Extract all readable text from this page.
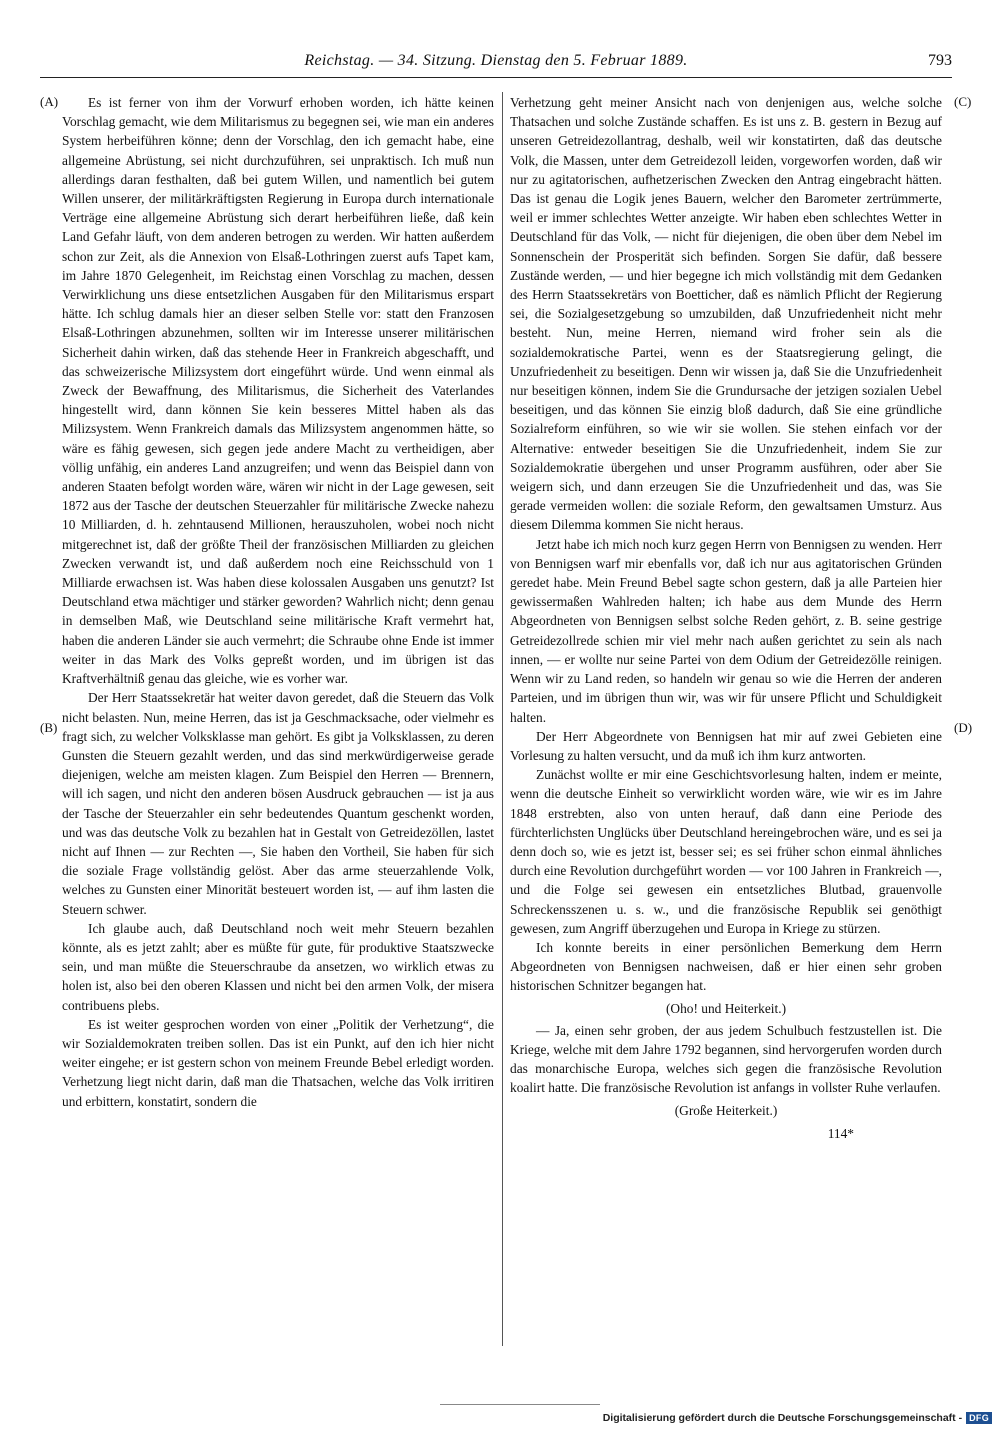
Reichstag. — 34. Sitzung. Dienstag den 5. Februar 1889.	793
(A)
(B)
(C)
(D)

Es ist ferner von ihm der Vorwurf erhoben worden, ich hätte keinen Vorschlag gemacht, wie dem Militarismus zu begegnen sei, wie man ein anderes System herbeiführen könne; denn der Vorschlag, den ich gemacht habe, eine allgemeine Abrüstung, sei nicht durchzuführen, sei unpraktisch. Ich muß nun allerdings daran festhalten, daß bei gutem Willen, und namentlich bei gutem Willen unserer, der militärkräftigsten Regierung in Europa durch internationale Verträge eine allgemeine Abrüstung sich derart herbeiführen ließe, daß kein Land Gefahr läuft, von dem anderen betrogen zu werden. Wir hatten außerdem schon zur Zeit, als die Annexion von Elsaß-Lothringen zuerst aufs Tapet kam, im Jahre 1870 Gelegenheit, im Reichstag einen Vorschlag zu machen, dessen Verwirklichung uns diese entsetzlichen Ausgaben für den Militarismus erspart hätte. Ich schlug damals hier an dieser selben Stelle vor: statt den Franzosen Elsaß-Lothringen abzunehmen, sollten wir im Interesse unserer militärischen Sicherheit dahin wirken, daß das stehende Heer in Frankreich abgeschafft, und das schweizerische Milizsystem dort eingeführt würde. Und wenn einmal als Zweck der Bewaffnung, des Militarismus, die Sicherheit des Vaterlandes hingestellt wird, dann können Sie kein besseres Mittel haben als das Milizsystem. Wenn Frankreich damals das Milizsystem angenommen hätte, so wäre es fähig gewesen, sich gegen jede andere Macht zu vertheidigen, aber völlig unfähig, ein anderes Land anzugreifen; und wenn das Beispiel dann von anderen Staaten befolgt worden wäre, wären wir nicht in der Lage gewesen, seit 1872 aus der Tasche der deutschen Steuerzahler für militärische Zwecke nahezu 10 Milliarden, d. h. zehntausend Millionen, herauszuholen, wobei noch nicht mitgerechnet ist, daß der größte Theil der französischen Milliarden zu gleichen Zwecken verwandt ist, und daß außerdem noch eine Reichsschuld von 1 Milliarde erwachsen ist. Was haben diese kolossalen Ausgaben uns genutzt? Ist Deutschland etwa mächtiger und stärker geworden? Wahrlich nicht; denn genau in demselben Maß, wie Deutschland seine militärische Kraft vermehrt hat, haben die anderen Länder sie auch vermehrt; die Schraube ohne Ende ist immer weiter in das Mark des Volks gepreßt worden, und im übrigen ist das Kraftverhältniß genau das gleiche, wie es vorher war.

Der Herr Staatssekretär hat weiter davon geredet, daß die Steuern das Volk nicht belasten. Nun, meine Herren, das ist ja Geschmacksache, oder vielmehr es fragt sich, zu welcher Volksklasse man gehört. Es gibt ja Volksklassen, zu deren Gunsten die Steuern gezahlt werden, und das sind merkwürdigerweise gerade diejenigen, welche am meisten klagen. Zum Beispiel den Herren — Brennern, will ich sagen, und nicht den anderen bösen Ausdruck gebrauchen — ist ja aus der Tasche der Steuerzahler ein sehr bedeutendes Quantum geschenkt worden, und was das deutsche Volk zu bezahlen hat in Gestalt von Getreidezöllen, lastet nicht auf Ihnen — zur Rechten —, Sie haben den Vortheil, Sie haben für sich die soziale Frage vollständig gelöst. Aber das arme steuerzahlende Volk, welches zu Gunsten einer Minorität besteuert worden ist, — auf ihm lasten die Steuern schwer.

Ich glaube auch, daß Deutschland noch weit mehr Steuern bezahlen könnte, als es jetzt zahlt; aber es müßte für gute, für produktive Staatszwecke sein, und man müßte die Steuerschraube da ansetzen, wo wirklich etwas zu holen ist, also bei den oberen Klassen und nicht bei den armen Volk, der misera contribuens plebs.

Es ist weiter gesprochen worden von einer „Politik der Verhetzung“, die wir Sozialdemokraten treiben sollen. Das ist ein Punkt, auf den ich hier nicht weiter eingehe; er ist gestern schon von meinem Freunde Bebel erledigt worden. Verhetzung liegt nicht darin, daß man die Thatsachen, welche das Volk irritiren und erbittern, konstatirt, sondern die

Verhetzung geht meiner Ansicht nach von denjenigen aus, welche solche Thatsachen und solche Zustände schaffen. Es ist uns z. B. gestern in Bezug auf unseren Getreidezollantrag, deshalb, weil wir konstatirten, daß das deutsche Volk, die Massen, unter dem Getreidezoll leiden, vorgeworfen worden, daß wir nur zu agitatorischen, aufhetzerischen Zwecken den Antrag eingebracht hätten. Das ist genau die Logik jenes Bauern, welcher den Barometer zertrümmerte, weil er immer schlechtes Wetter anzeigte. Wir haben eben schlechtes Wetter in Deutschland für das Volk, — nicht für diejenigen, die oben über dem Nebel im Sonnenschein der Prosperität sich befinden. Sorgen Sie dafür, daß bessere Zustände werden, — und hier begegne ich mich vollständig mit dem Gedanken des Herrn Staatssekretärs von Boetticher, daß es nämlich Pflicht der Regierung sei, die Sozialgesetzgebung so umzubilden, daß Unzufriedenheit nicht mehr besteht. Nun, meine Herren, niemand wird froher sein als die sozialdemokratische Partei, wenn es der Staatsregierung gelingt, die Unzufriedenheit zu beseitigen. Denn wir wissen ja, daß Sie die Unzufriedenheit nur beseitigen können, indem Sie die Grundursache der jetzigen sozialen Uebel beseitigen, und das können Sie einzig bloß dadurch, daß Sie eine gründliche Sozialreform einführen, so wie wir sie wollen. Sie stehen einfach vor der Alternative: entweder beseitigen Sie die Unzufriedenheit, indem Sie zur Sozialdemokratie übergehen und unser Programm ausführen, oder aber Sie weigern sich, und dann erzeugen Sie die Unzufriedenheit und das, was Sie gerade vermeiden wollen: die soziale Reform, den gewaltsamen Umsturz. Aus diesem Dilemma kommen Sie nicht heraus.

Jetzt habe ich mich noch kurz gegen Herrn von Bennigsen zu wenden. Herr von Bennigsen warf mir ebenfalls vor, daß ich nur aus agitatorischen Gründen geredet habe. Mein Freund Bebel sagte schon gestern, daß ja alle Parteien hier gewissermaßen Wahlreden halten; ich habe aus dem Munde des Herrn Abgeordneten von Bennigsen selbst solche Reden gehört, z. B. seine gestrige Getreidezollrede schien mir viel mehr nach außen gerichtet zu sein als nach innen, — er wollte nur seine Partei von dem Odium der Getreidezölle reinigen. Wenn wir zu Land reden, so handeln wir genau so wie die Herren der anderen Parteien, und im übrigen thun wir, was wir für unsere Pflicht und Schuldigkeit halten.

Der Herr Abgeordnete von Bennigsen hat mir auf zwei Gebieten eine Vorlesung zu halten versucht, und da muß ich ihm kurz antworten.

Zunächst wollte er mir eine Geschichtsvorlesung halten, indem er meinte, wenn die deutsche Einheit so verwirklicht worden wäre, wie wir es im Jahre 1848 erstrebten, also von unten herauf, daß dann eine Periode des fürchterlichsten Unglücks über Deutschland hereingebrochen wäre, und es sei ja denn doch so, wie es jetzt ist, besser sei; es sei früher schon einmal ähnliches durch eine Revolution durchgeführt worden — vor 100 Jahren in Frankreich —, und die Folge sei gewesen ein entsetzliches Blutbad, grauenvolle Schreckensszenen u. s. w., und die französische Republik sei genöthigt gewesen, zum Angriff überzugehen und Europa in Kriege zu stürzen.

Ich konnte bereits in einer persönlichen Bemerkung dem Herrn Abgeordneten von Bennigsen nachweisen, daß er hier einen sehr groben historischen Schnitzer begangen hat.

(Oho! und Heiterkeit.)

— Ja, einen sehr groben, der aus jedem Schulbuch festzustellen ist. Die Kriege, welche mit dem Jahre 1792 begannen, sind hervorgerufen worden durch das monarchische Europa, welches sich gegen die französische Revolution koalirt hatte. Die französische Revolution ist anfangs in vollster Ruhe verlaufen.

(Große Heiterkeit.)

114*

Digitalisierung gefördert durch die Deutsche Forschungsgemeinschaft - DFG
